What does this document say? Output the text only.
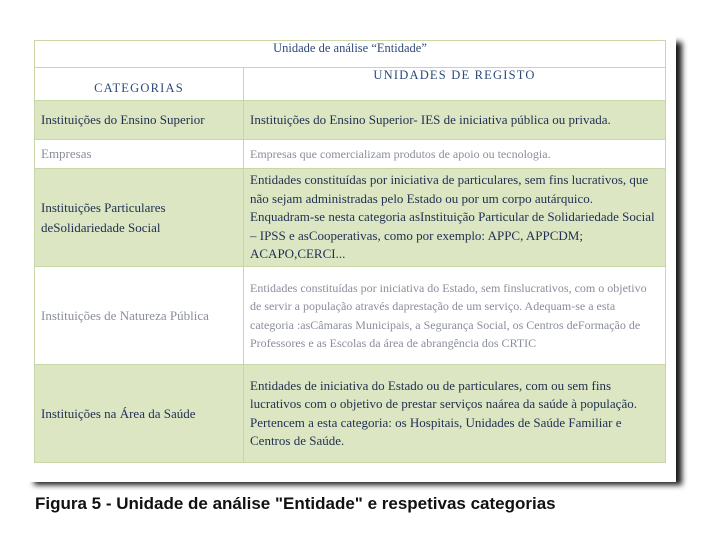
Unidade de análise “Entidade”	
CATEGORIAS	UNIDADES DE REGISTO
Instituições do Ensino Superior	Instituições do Ensino Superior- IES de iniciativa pública ou privada.
Empresas	Empresas que comercializam produtos de apoio ou tecnologia.

Instituições Particulares
deSolidariedade Social	Entidades constituídas por iniciativa de particulares, sem fins lucrativos, que não sejam administradas pelo Estado ou por um corpo autárquico. Enquadram-se nesta categoria asInstituição Particular de Solidariedade Social – IPSS e asCooperativas, como por exemplo: APPC, APPCDM; ACAPO,CERCI...
Instituições de Natureza Pública	Entidades constituídas por iniciativa do Estado, sem finslucrativos, com o objetivo de servir a população através daprestação de um serviço. Adequam-se a esta categoria :asCâmaras Municipais, a Segurança Social, os Centros deFormação de Professores e as Escolas da área de abrangência dos CRTIC
Instituições na Área da Saúde	Entidades de iniciativa do Estado ou de particulares, com ou sem fins lucrativos com o objetivo de prestar serviços naárea da saúde à população.
Pertencem a esta categoria: os Hospitais, Unidades de Saúde Familiar e Centros de Saúde.
Figura 5 - Unidade de análise "Entidade" e respetivas categorias
